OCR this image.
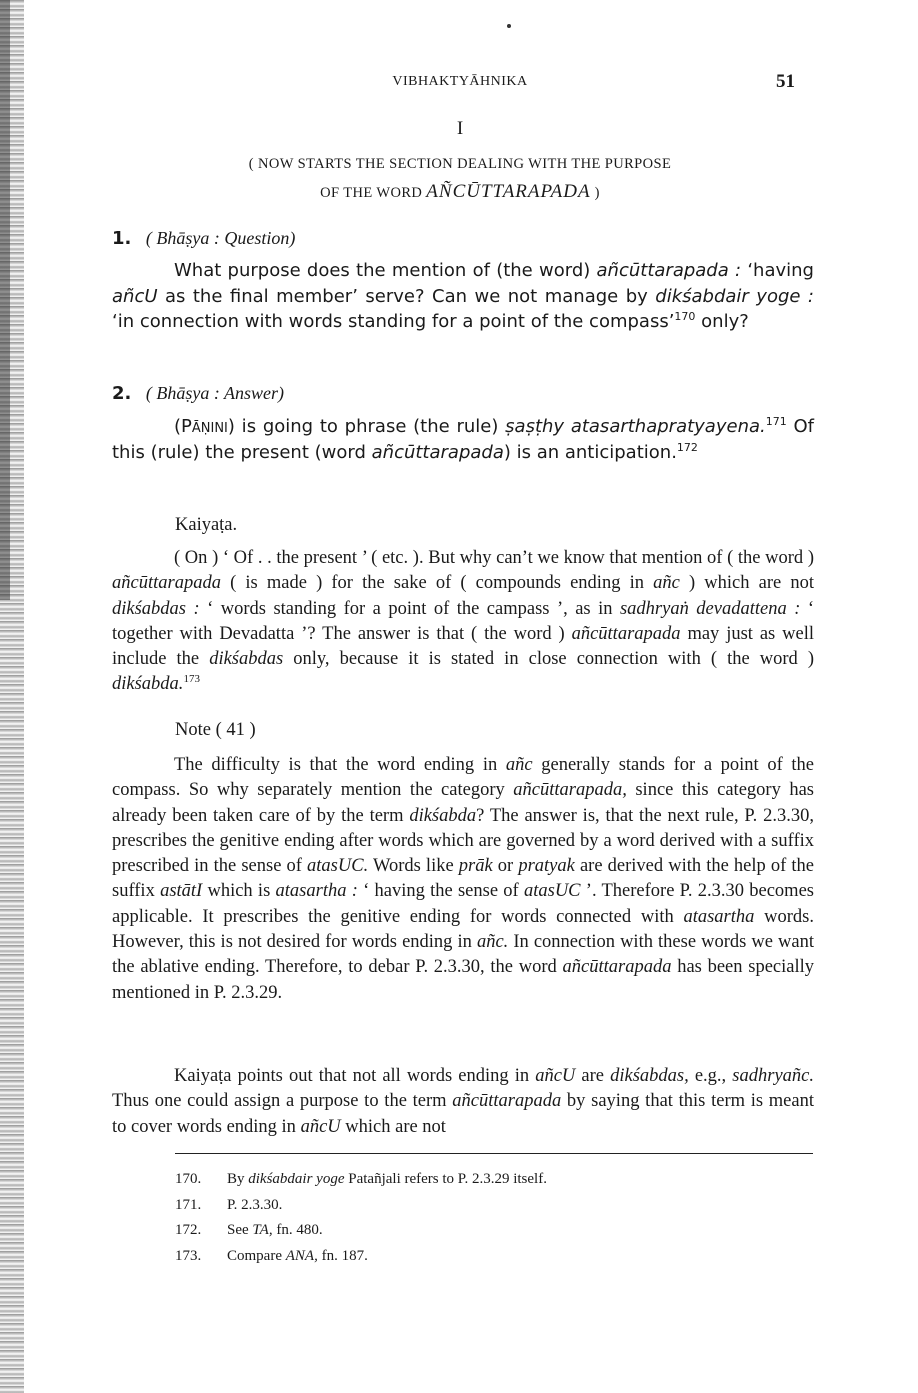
VIBHAKTYĀHNIKA	51
I
( NOW STARTS THE SECTION DEALING WITH THE PURPOSE
OF THE WORD AÑCŪTTARAPADA )
1. ( Bhāṣya : Question)
What purpose does the mention of (the word) añcūttarapada : ‘having añcU as the final member’ serve? Can we not manage by dikśabdair yoge : ‘in connection with words standing for a point of the compass’$^{170}$ only?
2. ( Bhāṣya : Answer)
(Pāṇini) is going to phrase (the rule) ṣaṣṭhy atasarthapratyayena.$^{171}$ Of this (rule) the present (word añcūttarapada) is an anticipation.$^{172}$
Kaiyaṭa.
( On ) ‘ Of . . the present ’ ( etc. ). But why can’t we know that mention of ( the word ) añcūttarapada ( is made ) for the sake of ( compounds ending in añc ) which are not dikśabdas : ‘ words standing for a point of the campass ’, as in sadhryaṅ devadattena : ‘ together with Devadatta ’? The answer is that ( the word ) añcūttarapada may just as well include the dikśabdas only, because it is stated in close connection with ( the word ) dikśabda.$^{173}$
Note ( 41 )
The difficulty is that the word ending in añc generally stands for a point of the compass. So why separately mention the category añcūttarapada, since this category has already been taken care of by the term dikśabda? The answer is, that the next rule, P. 2.3.30, prescribes the genitive ending after words which are governed by a word derived with a suffix prescribed in the sense of atasUC. Words like prāk or pratyak are derived with the help of the suffix astātI which is atasartha : ‘ having the sense of atasUC ’. Therefore P. 2.3.30 becomes applicable. It prescribes the genitive ending for words connected with atasartha words. However, this is not desired for words ending in añc. In connection with these words we want the ablative ending. Therefore, to debar P. 2.3.30, the word añcūttarapada has been specially mentioned in P. 2.3.29.
Kaiyaṭa points out that not all words ending in añcU are dikśabdas, e.g., sadhryañc. Thus one could assign a purpose to the term añcūttarapada by saying that this term is meant to cover words ending in añcU which are not
170. By dikśabdair yoge Patañjali refers to P. 2.3.29 itself.
171. P. 2.3.30.
172. See TA, fn. 480.
173. Compare ANA, fn. 187.
